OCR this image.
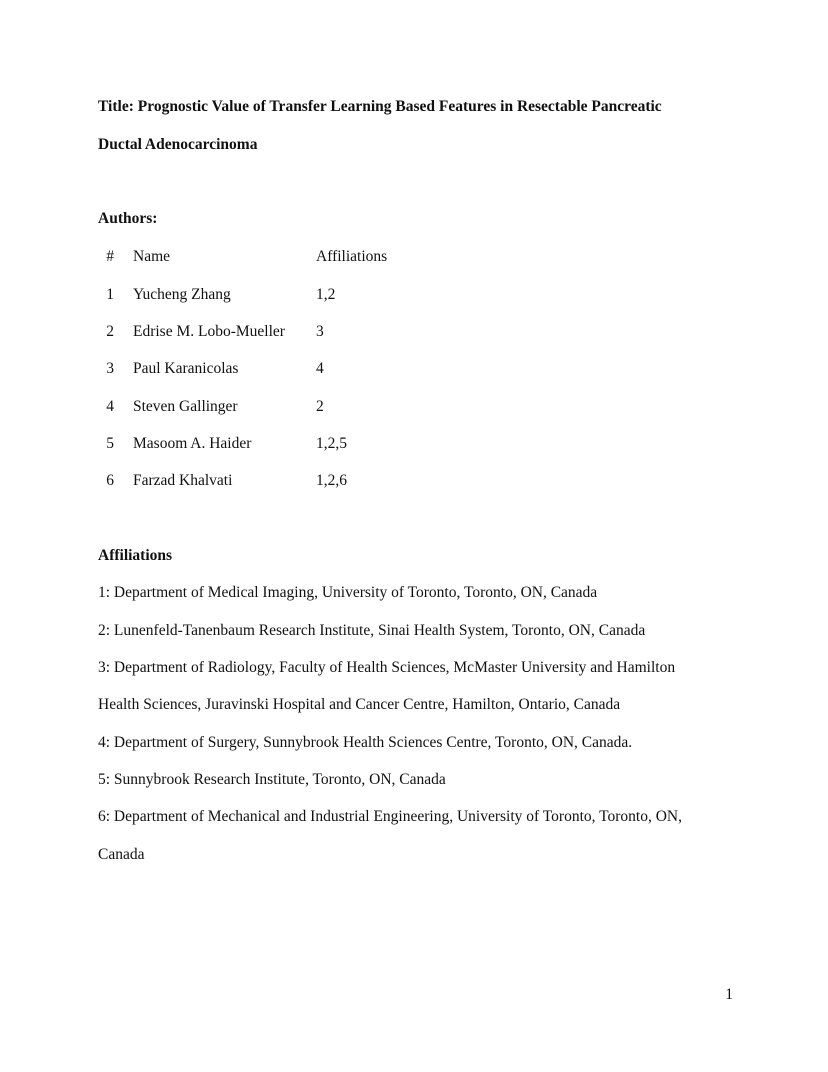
Title: Prognostic Value of Transfer Learning Based Features in Resectable Pancreatic
Ductal Adenocarcinoma
Authors:
# Name	Affiliations
1 Yucheng Zhang	1,2
2 Edrise M. Lobo-Mueller 3
3 Paul Karanicolas	4
4 Steven Gallinger	2
5 Masoom A. Haider	1,2,5
6 Farzad Khalvati	1,2,6
Affiliations
1: Department of Medical Imaging, University of Toronto, Toronto, ON, Canada
2: Lunenfeld-Tanenbaum Research Institute, Sinai Health System, Toronto, ON, Canada
3: Department of Radiology, Faculty of Health Sciences, McMaster University and Hamilton
Health Sciences, Juravinski Hospital and Cancer Centre, Hamilton, Ontario, Canada
4: Department of Surgery, Sunnybrook Health Sciences Centre, Toronto, ON, Canada.
5: Sunnybrook Research Institute, Toronto, ON, Canada
6: Department of Mechanical and Industrial Engineering, University of Toronto, Toronto, ON,
Canada
1
